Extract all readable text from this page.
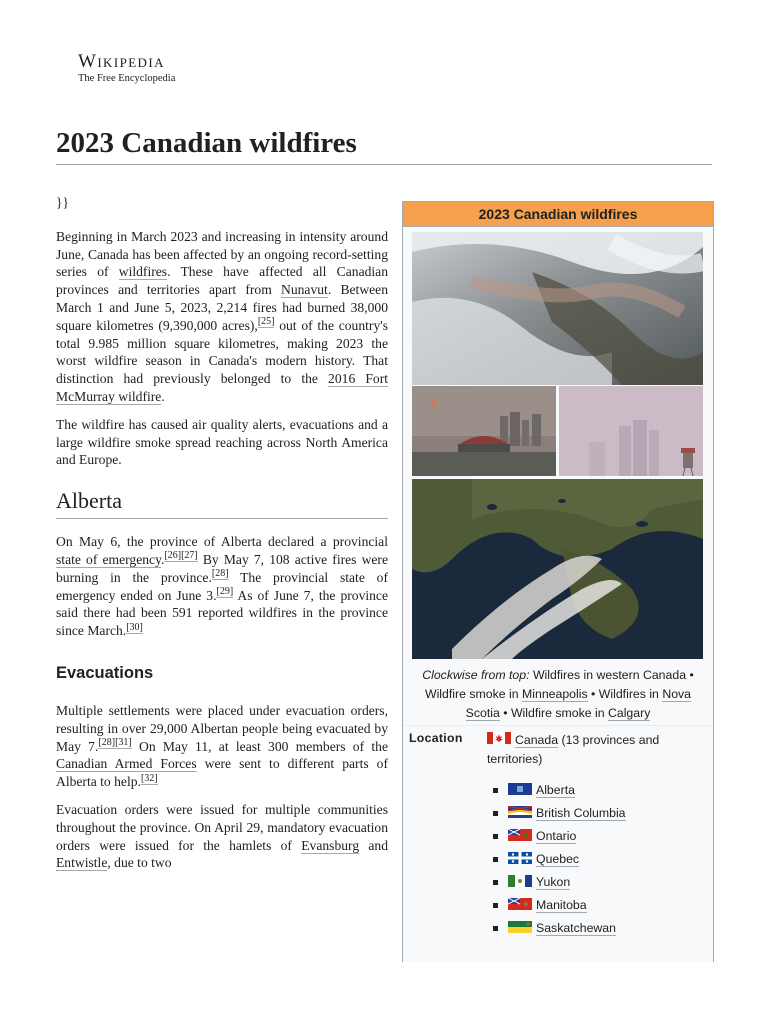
Wikipedia
The Free Encyclopedia
2023 Canadian wildfires

}}

Beginning in March 2023 and increasing in intensity around June, Canada has been affected by an ongoing record-setting series of wildfires. These have affected all Canadian provinces and territories apart from Nunavut. Between March 1 and June 5, 2023, 2,214 fires had burned 38,000 square kilometres (9,390,000 acres),[25] out of the country's total 9.985 million square kilometres, making 2023 the worst wildfire season in Canada's modern history. That distinction had previously belonged to the 2016 Fort McMurray wildfire.

The wildfire has caused air quality alerts, evacuations and a large wildfire smoke spread reaching across North America and Europe.

Alberta

On May 6, the province of Alberta declared a provincial state of emergency.[26][27] By May 7, 108 active fires were burning in the province.[28] The provincial state of emergency ended on June 3.[29] As of June 7, the province said there had been 591 reported wildfires in the province since March.[30]

Evacuations

Multiple settlements were placed under evacuation orders, resulting in over 29,000 Albertan people being evacuated by May 7.[28][31] On May 11, at least 300 members of the Canadian Armed Forces were sent to different parts of Alberta to help.[32]

Evacuation orders were issued for multiple communities throughout the province. On April 29, mandatory evacuation orders were issued for the hamlets of Evansburg and Entwistle, due to two

2023 Canadian wildfires
Clockwise from top: Wildfires in western Canada • Wildfire smoke in Minneapolis • Wildfires in Nova Scotia • Wildfire smoke in Calgary
Location	Canada (13 provinces and territories)
Alberta
British Columbia
Ontario
Quebec
Yukon
Manitoba
Saskatchewan
